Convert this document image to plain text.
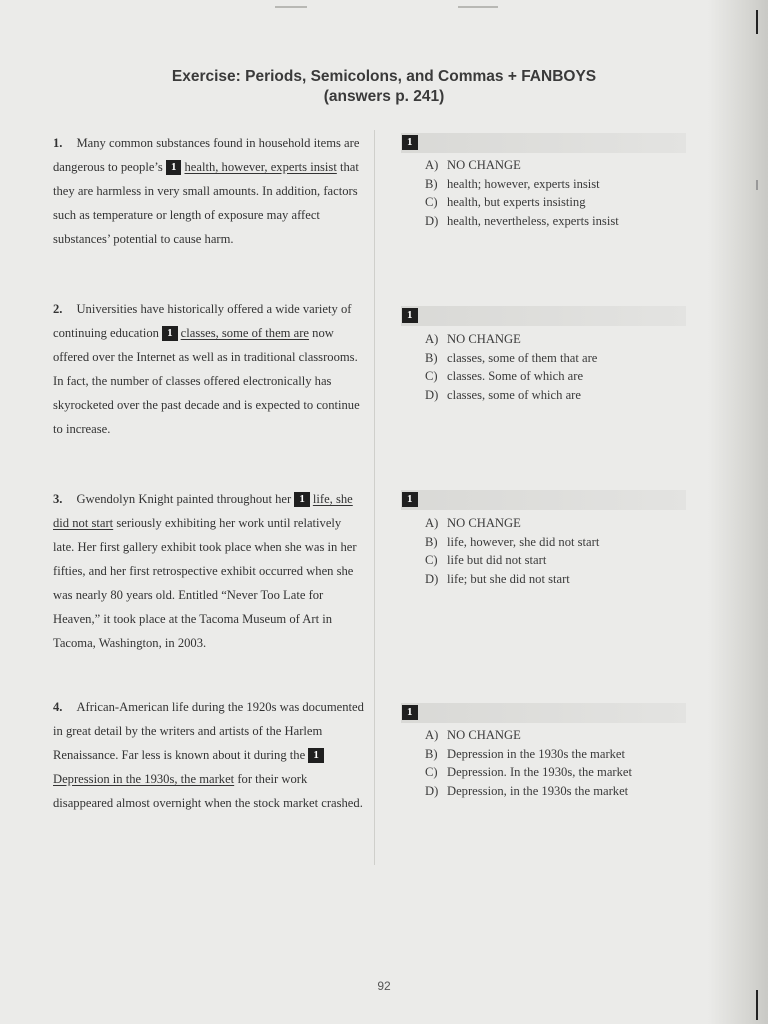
Exercise: Periods, Semicolons, and Commas + FANBOYS
(answers p. 241)
1. Many common substances found in household items are dangerous to people’s 1 health, however, experts insist that they are harmless in very small amounts. In addition, factors such as temperature or length of exposure may affect substances’ potential to cause harm.
1
A) NO CHANGE
B) health; however, experts insist
C) health, but experts insisting
D) health, nevertheless, experts insist
2. Universities have historically offered a wide variety of continuing education 1 classes, some of them are now offered over the Internet as well as in traditional classrooms. In fact, the number of classes offered electronically has skyrocketed over the past decade and is expected to continue to increase.
1
A) NO CHANGE
B) classes, some of them that are
C) classes. Some of which are
D) classes, some of which are
3. Gwendolyn Knight painted throughout her 1 life, she did not start seriously exhibiting her work until relatively late. Her first gallery exhibit took place when she was in her fifties, and her first retrospective exhibit occurred when she was nearly 80 years old. Entitled “Never Too Late for Heaven,” it took place at the Tacoma Museum of Art in Tacoma, Washington, in 2003.
1
A) NO CHANGE
B) life, however, she did not start
C) life but did not start
D) life; but she did not start
4. African-American life during the 1920s was documented in great detail by the writers and artists of the Harlem Renaissance. Far less is known about it during the 1Depression in the 1930s, the market for their work disappeared almost overnight when the stock market crashed.
1
A) NO CHANGE
B) Depression in the 1930s the market
C) Depression. In the 1930s, the market
D) Depression, in the 1930s the market
92
